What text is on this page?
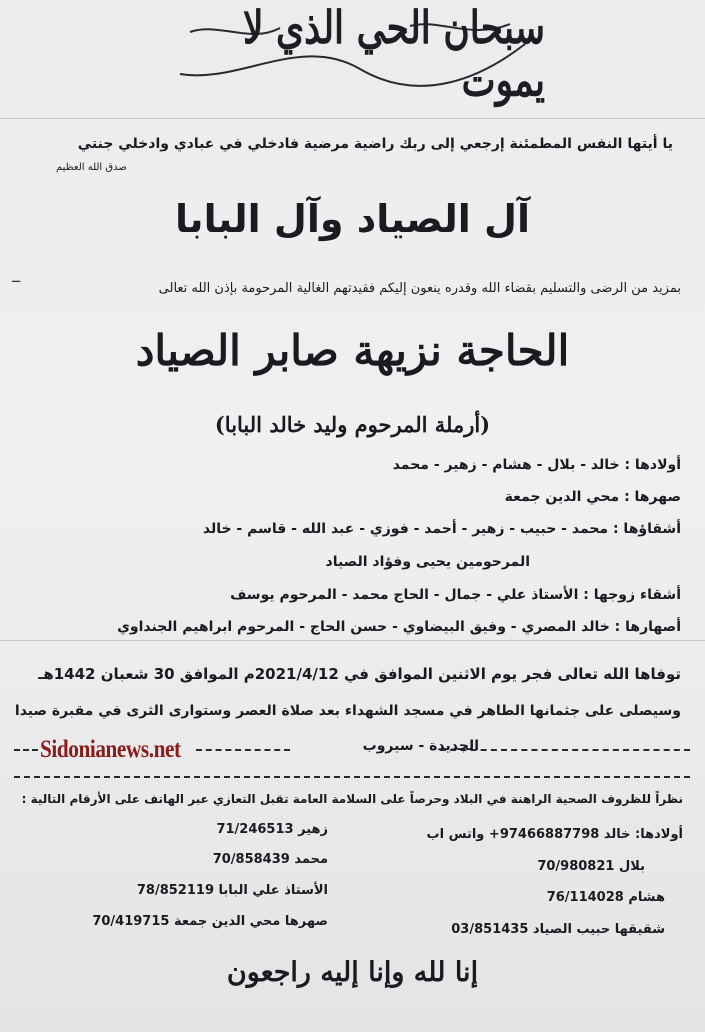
سبحان الحي الذي لا يموت
يا أيتها النفس المطمئنة إرجعي إلى ربك راضية مرضية فادخلي في عبادي وادخلي جنتي
صدق الله العظيم
آل الصياد وآل البابا
ــ
بمزيد من الرضى والتسليم بقضاء الله وقدره ينعون إليكم فقيدتهم الغالية المرحومة بإذن الله تعالى
الحاجة نزيهة صابر الصياد
(أرملة المرحوم وليد خالد البابا)
أولادها : خالد - بلال - هشام - زهير - محمد
صهرها : محي الدين جمعة
أشقاؤها : محمد - حبيب - زهير - أحمد - فوزي - عبد الله - قاسم - خالد
المرحومين يحيى وفؤاد الصياد
أشقاء زوجها : الأستاذ علي - جمال - الحاج محمد - المرحوم يوسف
أصهارها : خالد المصري - وفيق البيضاوي - حسن الحاج - المرحوم ابراهيم الجنداوي
توفاها الله تعالى فجر يوم الاثنين الموافق في 2021/4/12م الموافق 30 شعبان 1442هـ
وسيصلى على جثمانها الطاهر في مسجد الشهداء بعد صلاة العصر وستوارى الثرى في مقبرة صيدا
الجديدة - سيروب
Sidonianews.net
نظراً للظروف الصحية الراهنة في البلاد وحرصاً على السلامة العامة تقبل التعازي عبر الهاتف على الأرقام التالية :
أولادها: خالد 97466887798+ واتس اب
بلال 70/980821
هشام 76/114028
شقيقها حبيب الصياد 03/851435
زهير 71/246513
محمد 70/858439
الأستاذ علي البابا 78/852119
صهرها محي الدين جمعة 70/419715
إنا لله وإنا إليه راجعون
